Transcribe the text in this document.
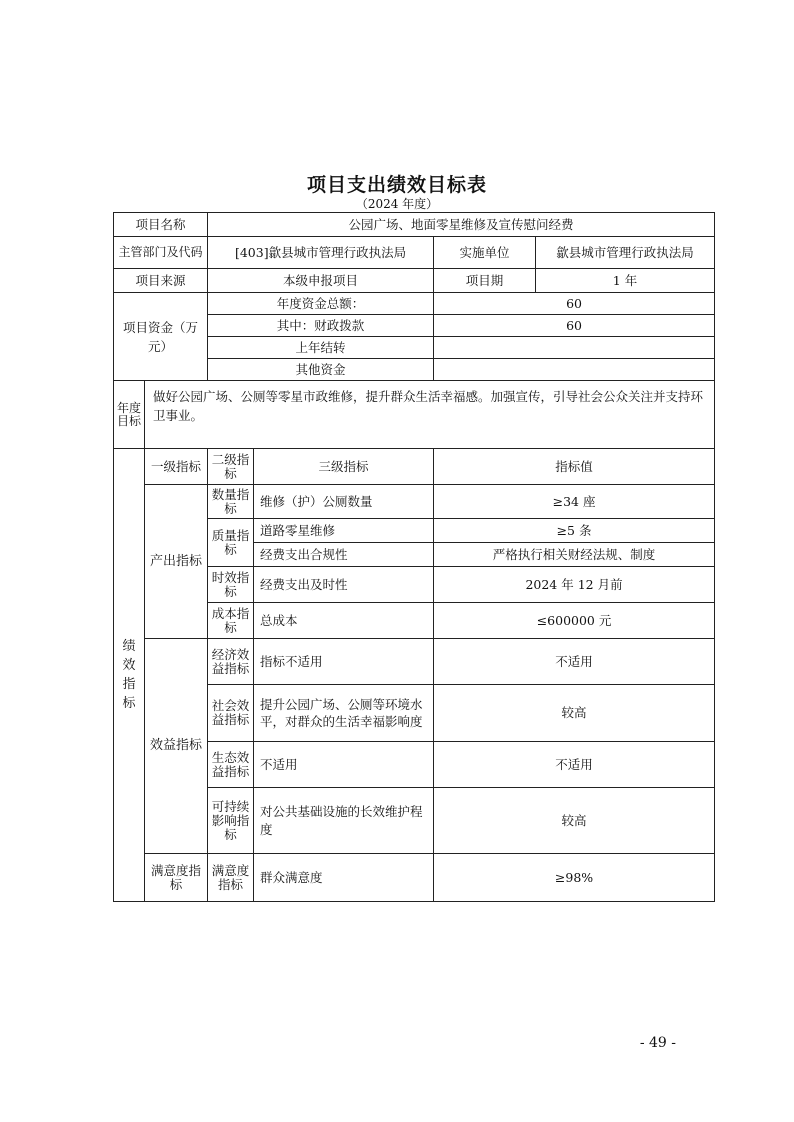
项目支出绩效目标表
（2024 年度）
项目名称		公园广场、地面零星维修及宣传慰问经费			
主管部门及代码		[403]歙县城市管理行政执法局		实施单位	歙县城市管理行政执法局
项目来源		本级申报项目		项目期	1 年
项目资金（万元）		年度资金总额：		60	
		其中：财政拨款		60	
		上年结转			
		其他资金			
年度目标	做好公园广场、公厕等零星市政维修，提升群众生活幸福感。加强宣传，引导社会公众关注并支持环卫事业。				
绩效指标	一级指标	二级指标	三级指标	指标值	
	产出指标	数量指标	维修（护）公厕数量	≥34 座	
		质量指标	道路零星维修	≥5 条	
			经费支出合规性	严格执行相关财经法规、制度	
		时效指标	经费支出及时性	2024 年 12 月前	
		成本指标	总成本	≤600000 元	
	效益指标	经济效益指标	指标不适用	不适用	
		社会效益指标	提升公园广场、公厕等环境水平，对群众的生活幸福影响度	较高	
		生态效益指标	不适用	不适用	
		可持续影响指标	对公共基础设施的长效维护程度	较高	
	满意度指标	满意度指标	群众满意度	≥98%	
- 49 -
